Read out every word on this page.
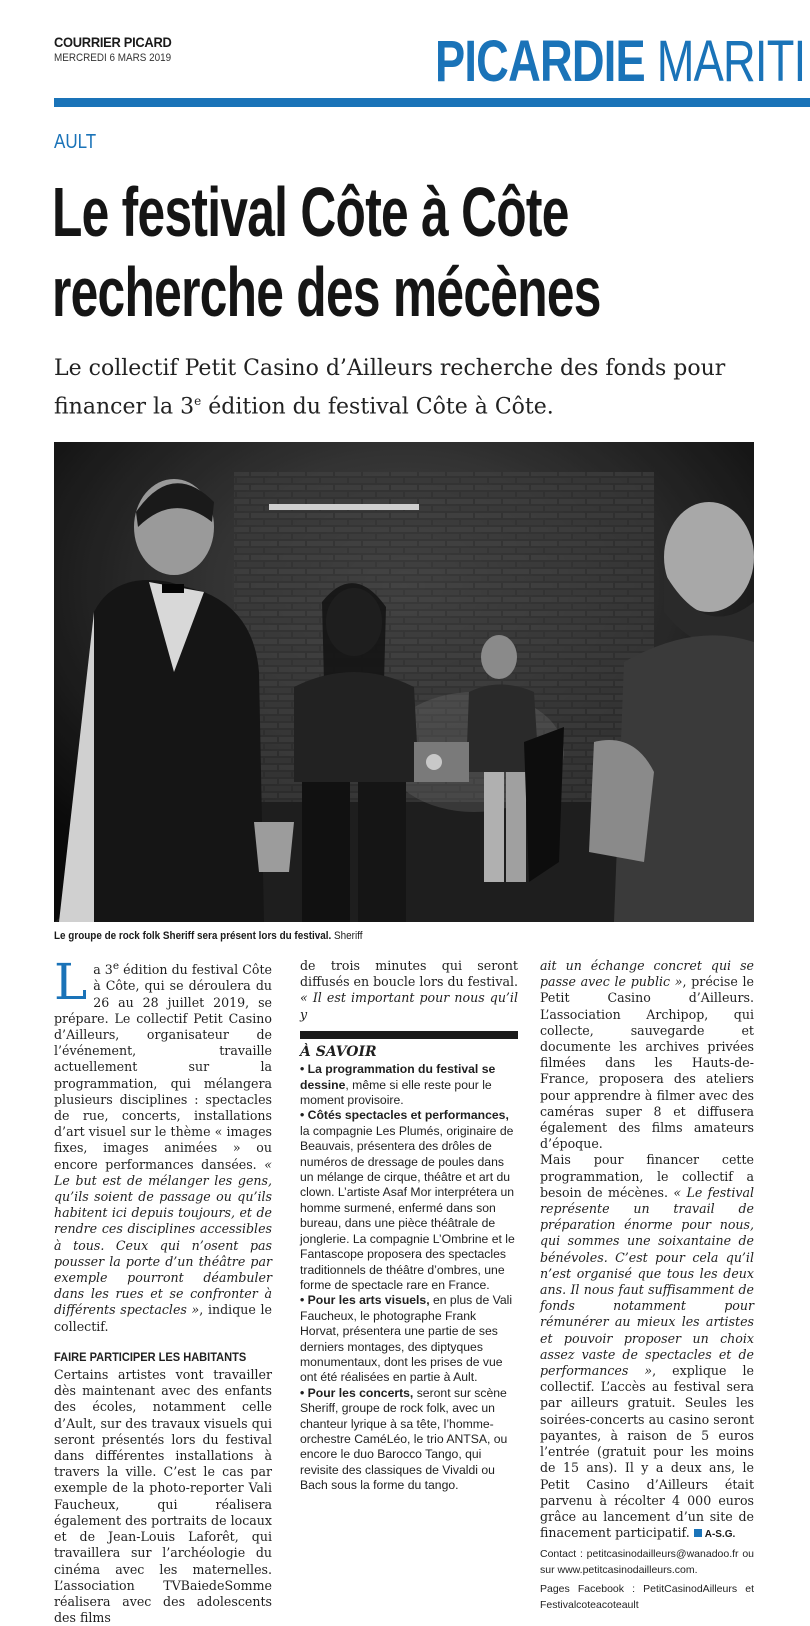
COURRIER PICARD
MERCREDI 6 MARS 2019	PICARDIE MARITI
AULT
Le festival Côte à Côte
recherche des mécènes
Le collectif Petit Casino d’Ailleurs recherche des fonds pour financer la 3e édition du festival Côte à Côte.
Le groupe de rock folk Sheriff sera présent lors du festival. Sheriff

La 3e édition du festival Côte à Côte, qui se déroulera du 26 au 28 juillet 2019, se prépare. Le collectif Petit Casino d’Ailleurs, organisateur de l’événement, travaille actuellement sur la programmation, qui mélangera plusieurs disciplines : spectacles de rue, concerts, installations d’art visuel sur le thème « images fixes, images animées » ou encore performances dansées. « Le but est de mélanger les gens, qu’ils soient de passage ou qu’ils habitent ici depuis toujours, et de rendre ces disciplines accessibles à tous. Ceux qui n’osent pas pousser la porte d’un théâtre par exemple pourront déambuler dans les rues et se confronter à différents spectacles », indique le collectif.

FAIRE PARTICIPER LES HABITANTS

Certains artistes vont travailler dès maintenant avec des enfants des écoles, notamment celle d’Ault, sur des travaux visuels qui seront présentés lors du festival dans différentes installations à travers la ville. C’est le cas par exemple de la photo-reporter Vali Faucheux, qui réalisera également des portraits de locaux et de Jean-Louis Laforêt, qui travaillera sur l’archéologie du cinéma avec les maternelles. L’association TVBaiedeSomme réalisera avec des adolescents des films

de trois minutes qui seront diffusés en boucle lors du festival.

« Il est important pour nous qu’il y

À SAVOIR

• La programmation du festival se dessine, même si elle reste pour le moment provisoire.

• Côtés spectacles et performances, la compagnie Les Plumés, originaire de Beauvais, présentera des drôles de numéros de dressage de poules dans un mélange de cirque, théâtre et art du clown. L’artiste Asaf Mor interprétera un homme surmené, enfermé dans son bureau, dans une pièce théâtrale de jonglerie. La compagnie L’Ombrine et le Fantascope proposera des spectacles traditionnels de théâtre d’ombres, une forme de spectacle rare en France.

• Pour les arts visuels, en plus de Vali Faucheux, le photographe Frank Horvat, présentera une partie de ses derniers montages, des diptyques monumentaux, dont les prises de vue ont été réalisées en partie à Ault.

• Pour les concerts, seront sur scène Sheriff, groupe de rock folk, avec un chanteur lyrique à sa tête, l’homme-orchestre CaméLéo, le trio ANTSA, ou encore le duo Barocco Tango, qui revisite des classiques de Vivaldi ou Bach sous la forme du tango.

ait un échange concret qui se passe avec le public », précise le Petit Casino d’Ailleurs. L’association Archipop, qui collecte, sauvegarde et documente les archives privées filmées dans les Hauts-de-France, proposera des ateliers pour apprendre à filmer avec des caméras super 8 et diffusera également des films amateurs d’époque.

Mais pour financer cette programmation, le collectif a besoin de mécènes. « Le festival représente un travail de préparation énorme pour nous, qui sommes une soixantaine de bénévoles. C’est pour cela qu’il n’est organisé que tous les deux ans. Il nous faut suffisamment de fonds notamment pour rémunérer au mieux les artistes et pouvoir proposer un choix assez vaste de spectacles et de performances », explique le collectif. L’accès au festival sera par ailleurs gratuit. Seules les soirées-concerts au casino seront payantes, à raison de 5 euros l’entrée (gratuit pour les moins de 15 ans). Il y a deux ans, le Petit Casino d’Ailleurs était parvenu à récolter 4 000 euros grâce au lancement d’un site de finacement participatif. A-S.G.

Contact : petitcasinodailleurs@wanadoo.fr ou sur www.petitcasinodailleurs.com.
Pages Facebook : PetitCasinodAilleurs et Festivalcoteacoteault
